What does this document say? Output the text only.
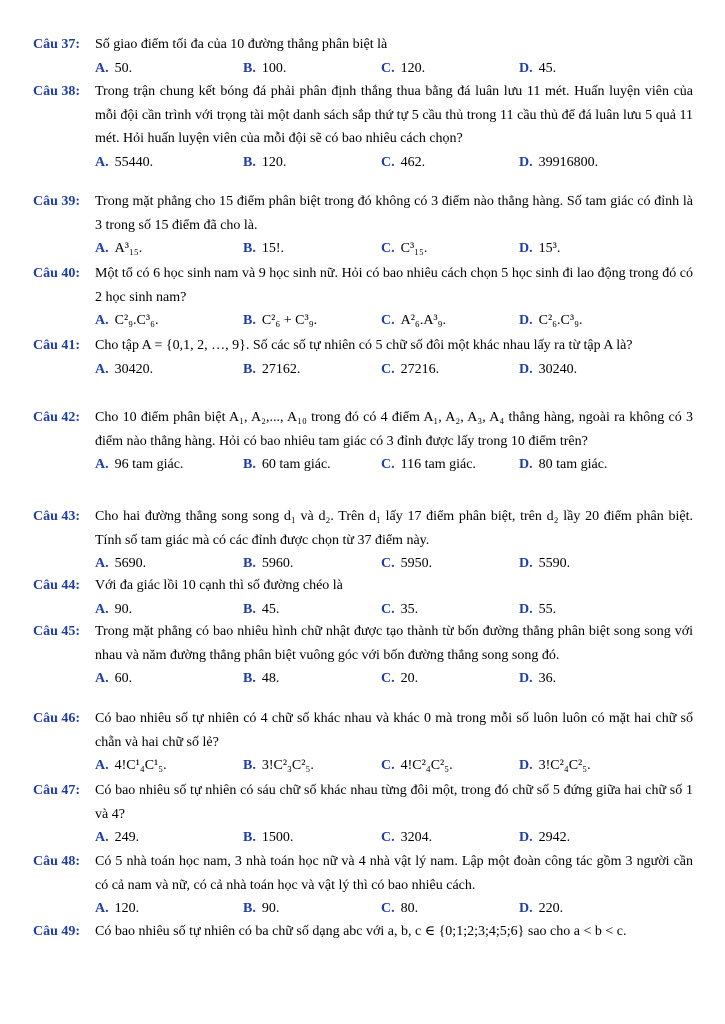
Câu 37: Số giao điểm tối đa của 10 đường thẳng phân biệt là
A. 50.	B. 100.	C. 120.	D. 45.
Câu 38: Trong trận chung kết bóng đá phải phân định thắng thua bằng đá luân lưu 11 mét. Huấn luyện viên của mỗi đội cần trình với trọng tài một danh sách sắp thứ tự 5 cầu thủ trong 11 cầu thủ để đá luân lưu 5 quả 11 mét. Hỏi huấn luyện viên của mỗi đội sẽ có bao nhiêu cách chọn?
A. 55440.	B. 120.	C. 462.	D. 39916800.
Câu 39: Trong mặt phẳng cho 15 điểm phân biệt trong đó không có 3 điểm nào thẳng hàng. Số tam giác có đỉnh là 3 trong số 15 điểm đã cho là.
A. A³₁₅.	B. 15!.	C. C³₁₅.	D. 15³.
Câu 40: Một tổ có 6 học sinh nam và 9 học sinh nữ. Hỏi có bao nhiêu cách chọn 5 học sinh đi lao động trong đó có 2 học sinh nam?
A. C²₉.C³₆.	B. C²₆ + C³₉.	C. A²₆.A³₉.	D. C²₆.C³₉.
Câu 41: Cho tập A = {0,1, 2, …, 9}. Số các số tự nhiên có 5 chữ số đôi một khác nhau lấy ra từ tập A là?
A. 30420.	B. 27162.	C. 27216.	D. 30240.
Câu 42: Cho 10 điểm phân biệt A₁, A₂,..., A₁₀ trong đó có 4 điểm A₁, A₂, A₃, A₄ thẳng hàng, ngoài ra không có 3 điểm nào thẳng hàng. Hỏi có bao nhiêu tam giác có 3 đỉnh được lấy trong 10 điểm trên?
A. 96 tam giác.	B. 60 tam giác.	C. 116 tam giác.	D. 80 tam giác.
Câu 43: Cho hai đường thẳng song song d₁ và d₂. Trên d₁ lấy 17 điểm phân biệt, trên d₂ lầy 20 điểm phân biệt. Tính số tam giác mà có các đỉnh được chọn từ 37 điểm này.
A. 5690.	B. 5960.	C. 5950.	D. 5590.
Câu 44: Với đa giác lồi 10 cạnh thì số đường chéo là
A. 90.	B. 45.	C. 35.	D. 55.
Câu 45: Trong mặt phẳng có bao nhiêu hình chữ nhật được tạo thành từ bốn đường thẳng phân biệt song song với nhau và năm đường thẳng phân biệt vuông góc với bốn đường thẳng song song đó.
A. 60.	B. 48.	C. 20.	D. 36.
Câu 46: Có bao nhiêu số tự nhiên có 4 chữ số khác nhau và khác 0 mà trong mỗi số luôn luôn có mặt hai chữ số chẵn và hai chữ số lẻ?
A. 4!C¹₄C¹₅.	B. 3!C²₃C²₅.	C. 4!C²₄C²₅.	D. 3!C²₄C²₅.
Câu 47: Có bao nhiêu số tự nhiên có sáu chữ số khác nhau từng đôi một, trong đó chữ số 5 đứng giữa hai chữ số 1 và 4?
A. 249.	B. 1500.	C. 3204.	D. 2942.
Câu 48: Có 5 nhà toán học nam, 3 nhà toán học nữ và 4 nhà vật lý nam. Lập một đoàn công tác gồm 3 người cần có cả nam và nữ, có cả nhà toán học và vật lý thì có bao nhiêu cách.
A. 120.	B. 90.	C. 80.	D. 220.
Câu 49: Có bao nhiêu số tự nhiên có ba chữ số dạng abc với a, b, c ∈ {0;1;2;3;4;5;6} sao cho a < b < c.
